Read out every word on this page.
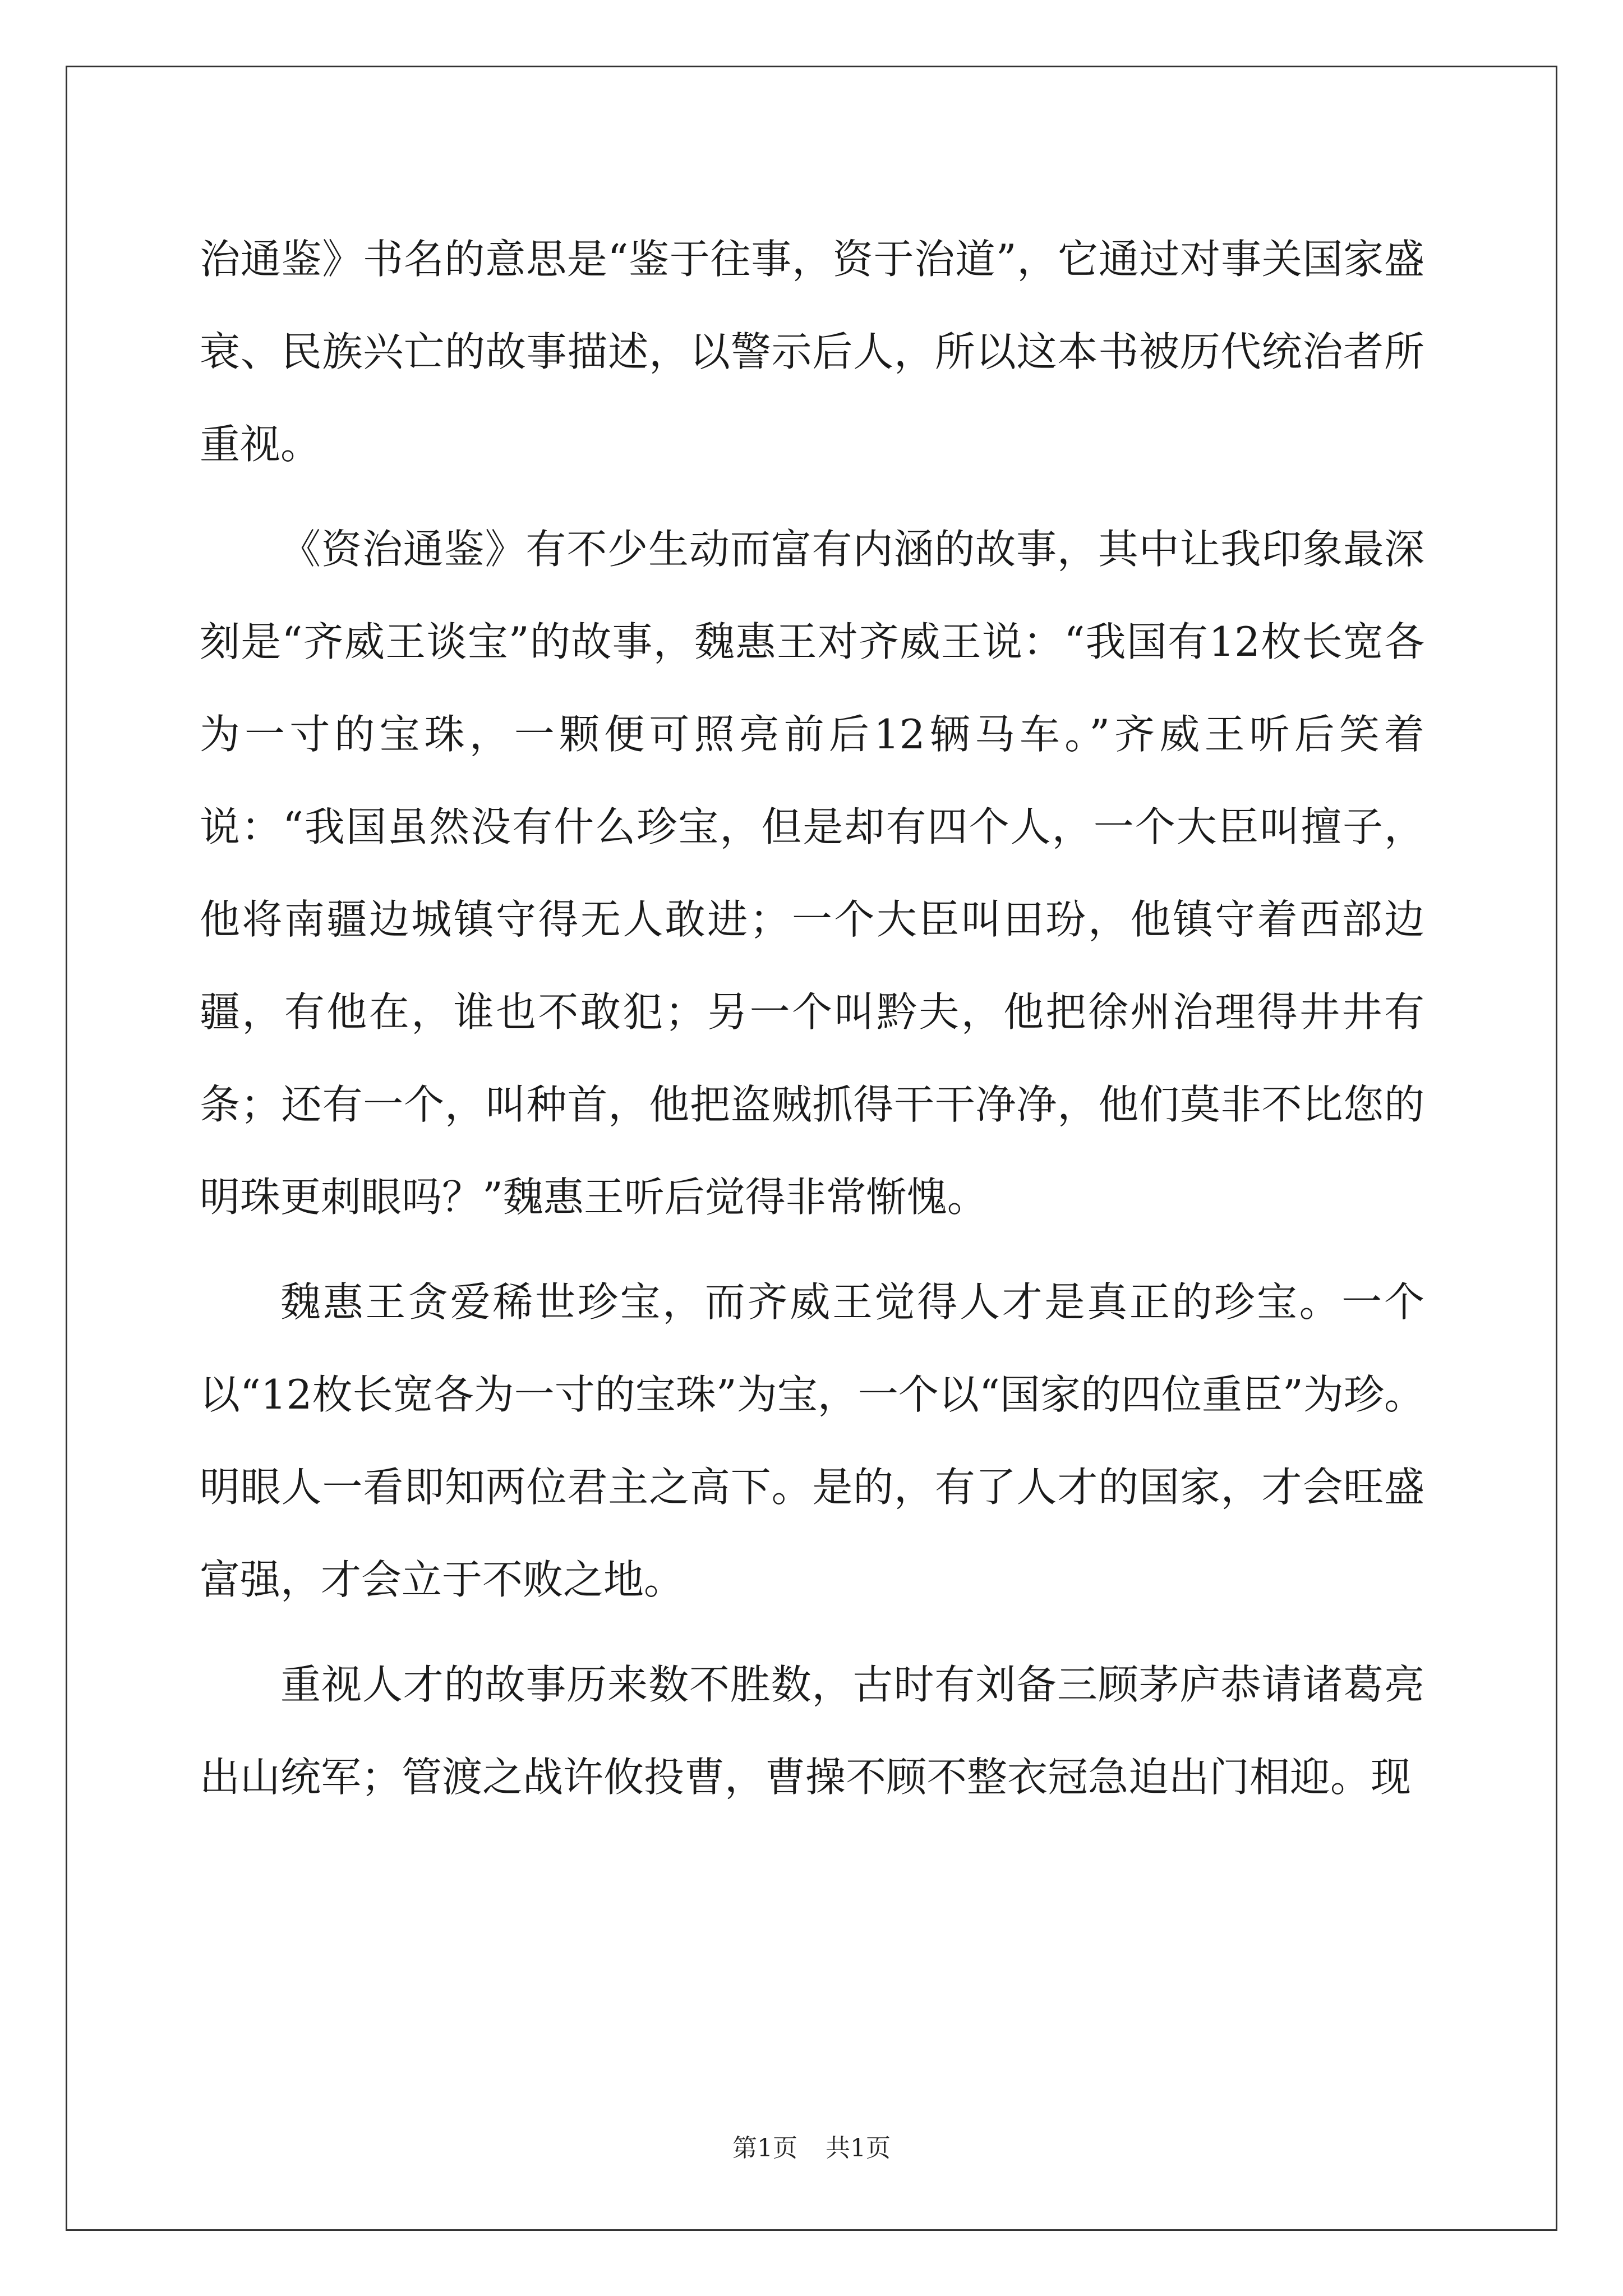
治通鉴》书名的意思是“鉴于往事，资于治道”，它通过对事关国家盛衰、民族兴亡的故事描述，以警示后人，所以这本书被历代统治者所重视。

《资治通鉴》有不少生动而富有内涵的故事，其中让我印象最深刻是“齐威王谈宝”的故事，魏惠王对齐威王说：“我国有12枚长宽各为一寸的宝珠，一颗便可照亮前后12辆马车。”齐威王听后笑着说：“我国虽然没有什么珍宝，但是却有四个人，一个大臣叫擅子，他将南疆边城镇守得无人敢进；一个大臣叫田玢，他镇守着西部边疆，有他在，谁也不敢犯；另一个叫黔夫，他把徐州治理得井井有条；还有一个，叫种首，他把盗贼抓得干干净净，他们莫非不比您的明珠更刺眼吗？”魏惠王听后觉得非常惭愧。

魏惠王贪爱稀世珍宝，而齐威王觉得人才是真正的珍宝。一个以“12枚长宽各为一寸的宝珠”为宝，一个以“国家的四位重臣”为珍。明眼人一看即知两位君主之高下。是的，有了人才的国家，才会旺盛富强，才会立于不败之地。

重视人才的故事历来数不胜数，古时有刘备三顾茅庐恭请诸葛亮出山统军；管渡之战许攸投曹，曹操不顾不整衣冠急迫出门相迎。现

第1页 共1页
